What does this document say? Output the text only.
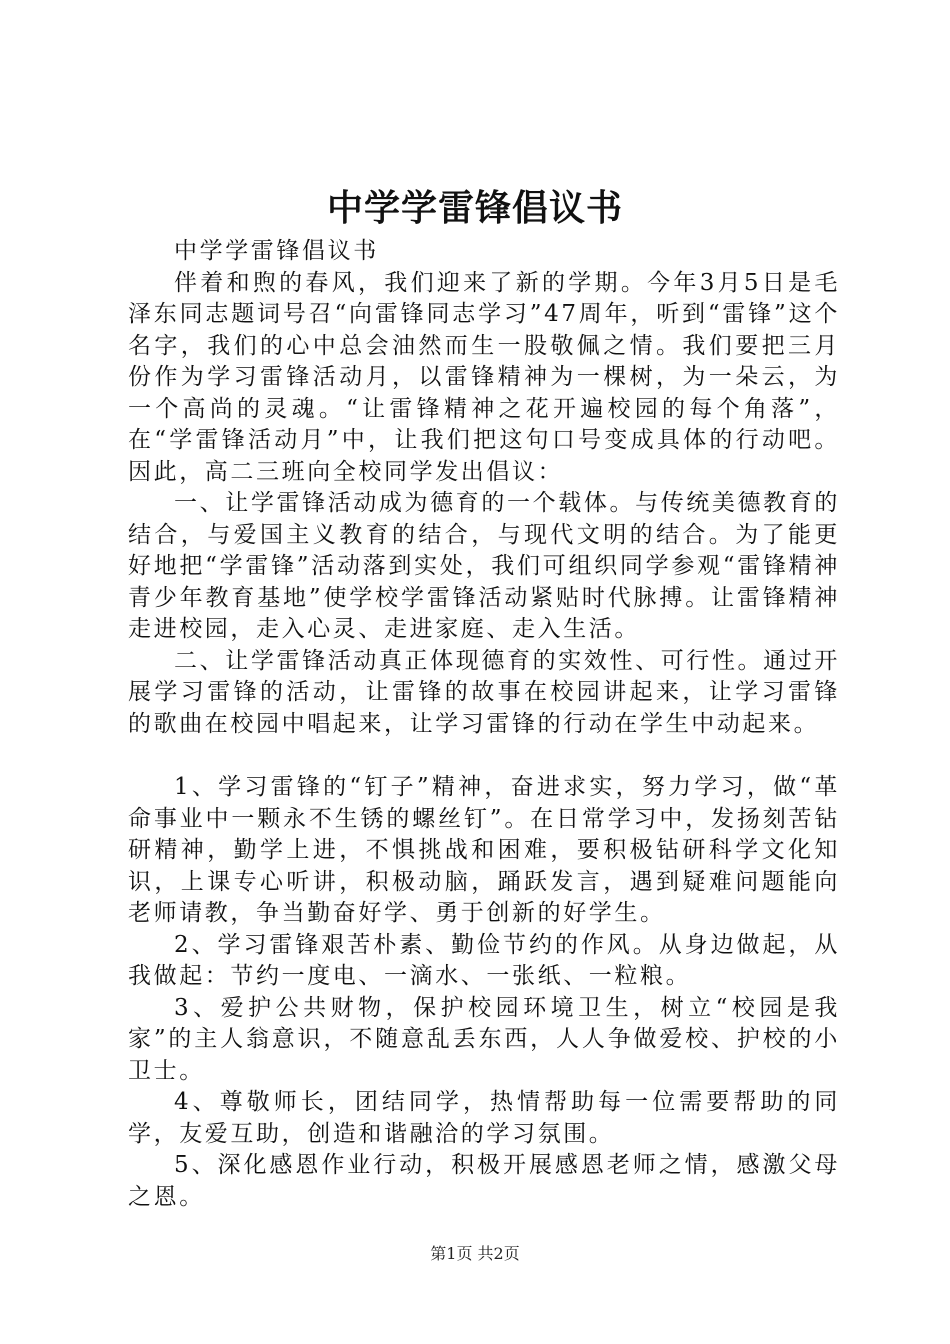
中学学雷锋倡议书

中学学雷锋倡议书

伴着和煦的春风，我们迎来了新的学期。今年3月5日是毛泽东同志题词号召“向雷锋同志学习”47周年，听到“雷锋”这个名字，我们的心中总会油然而生一股敬佩之情。我们要把三月份作为学习雷锋活动月，以雷锋精神为一棵树，为一朵云，为一个高尚的灵魂。“让雷锋精神之花开遍校园的每个角落”，在“学雷锋活动月”中，让我们把这句口号变成具体的行动吧。因此，高二三班向全校同学发出倡议：

一、让学雷锋活动成为德育的一个载体。与传统美德教育的结合，与爱国主义教育的结合，与现代文明的结合。为了能更好地把“学雷锋”活动落到实处，我们可组织同学参观“雷锋精神青少年教育基地”使学校学雷锋活动紧贴时代脉搏。让雷锋精神走进校园，走入心灵、走进家庭、走入生活。

二、让学雷锋活动真正体现德育的实效性、可行性。通过开展学习雷锋的活动，让雷锋的故事在校园讲起来，让学习雷锋的歌曲在校园中唱起来，让学习雷锋的行动在学生中动起来。

1、学习雷锋的“钉子”精神，奋进求实，努力学习，做“革命事业中一颗永不生锈的螺丝钉”。在日常学习中，发扬刻苦钻研精神，勤学上进，不惧挑战和困难，要积极钻研科学文化知识，上课专心听讲，积极动脑，踊跃发言，遇到疑难问题能向老师请教，争当勤奋好学、勇于创新的好学生。

2、学习雷锋艰苦朴素、勤俭节约的作风。从身边做起，从我做起：节约一度电、一滴水、一张纸、一粒粮。

3、爱护公共财物，保护校园环境卫生，树立“校园是我家”的主人翁意识，不随意乱丢东西，人人争做爱校、护校的小卫士。

4、尊敬师长，团结同学，热情帮助每一位需要帮助的同学，友爱互助，创造和谐融洽的学习氛围。

5、深化感恩作业行动，积极开展感恩老师之情，感激父母之恩。

第1页 共2页
